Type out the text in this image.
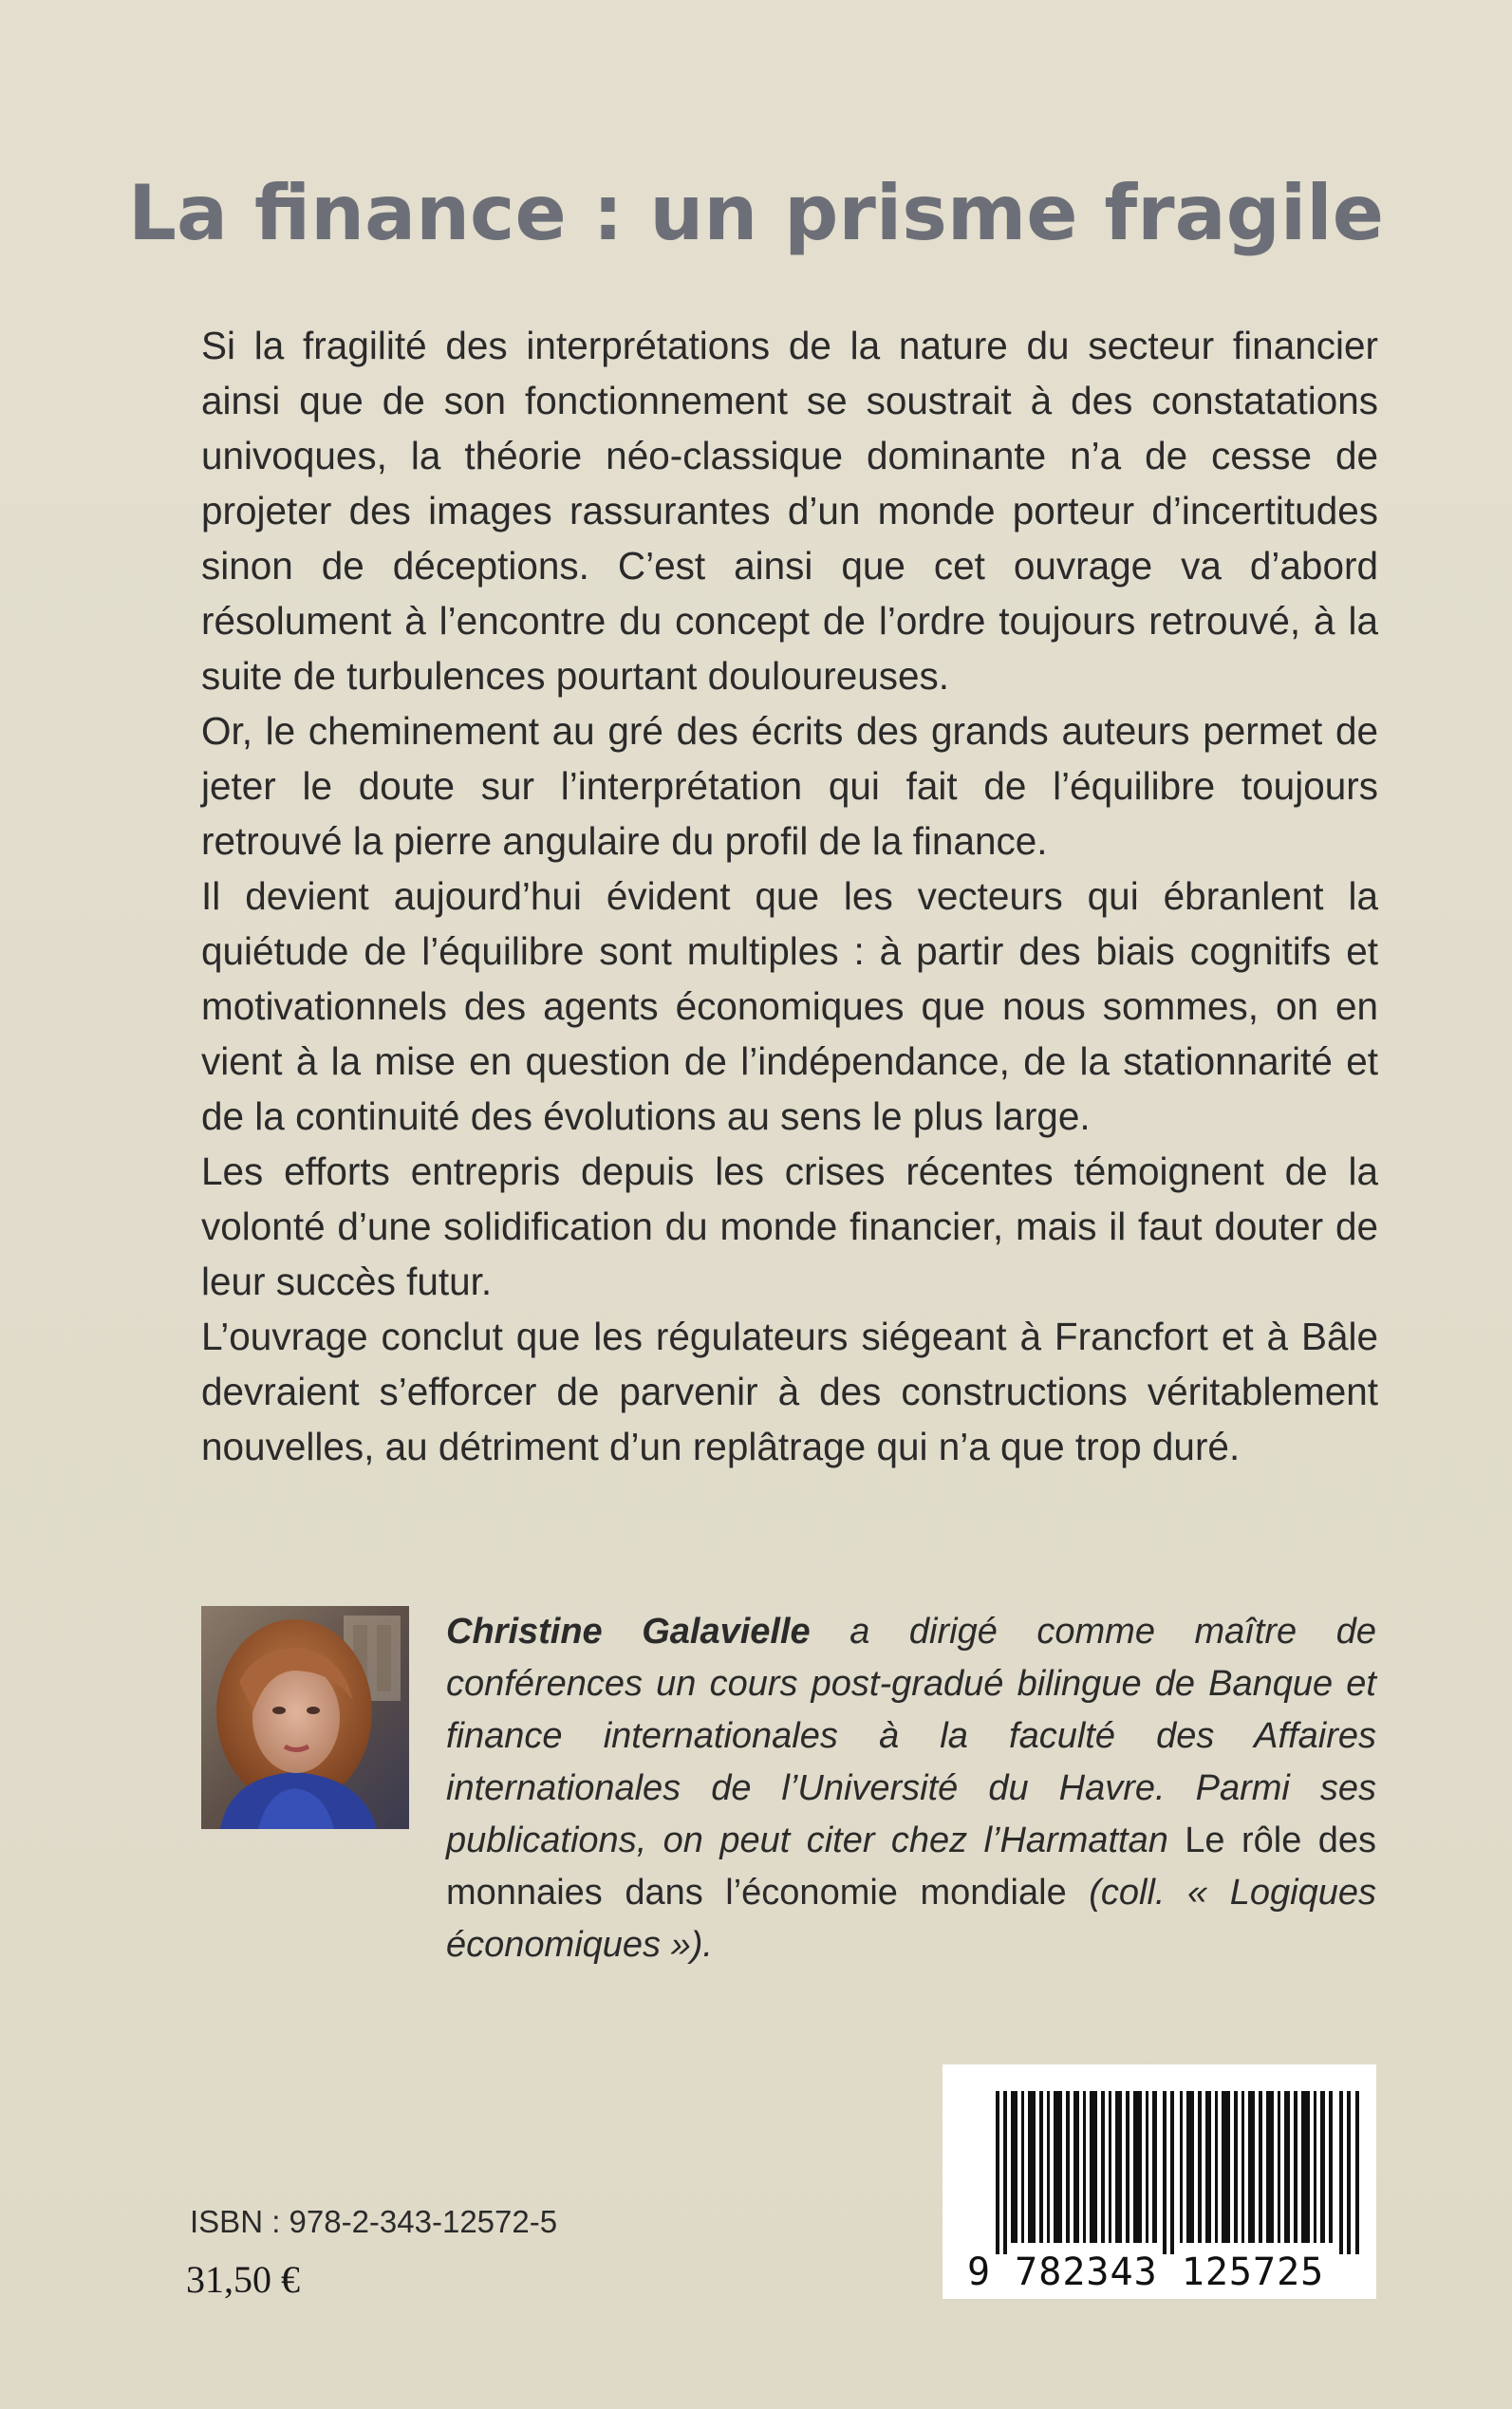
La finance : un prisme fragile

Si la fragilité des interprétations de la nature du secteur financier ainsi que de son fonctionnement se soustrait à des constatations univoques, la théorie néo-classique dominante n’a de cesse de projeter des images rassurantes d’un monde porteur d’incertitudes sinon de déceptions. C’est ainsi que cet ouvrage va d’abord résolument à l’encontre du concept de l’ordre toujours retrouvé, à la suite de turbulences pourtant douloureuses.

Or, le cheminement au gré des écrits des grands auteurs permet de jeter le doute sur l’interprétation qui fait de l’équilibre toujours retrouvé la pierre angulaire du profil de la finance.

Il devient aujourd’hui évident que les vecteurs qui ébranlent la quiétude de l’équilibre sont multiples : à partir des biais cognitifs et motivationnels des agents économiques que nous sommes, on en vient à la mise en question de l’indépendance, de la stationnarité et de la continuité des évolutions au sens le plus large.

Les efforts entrepris depuis les crises récentes témoignent de la volonté d’une solidification du monde financier, mais il faut douter de leur succès futur.

L’ouvrage conclut que les régulateurs siégeant à Francfort et à Bâle devraient s’efforcer de parvenir à des constructions véritablement nouvelles, au détriment d’un replâtrage qui n’a que trop duré.

Christine Galavielle a dirigé comme maître de conférences un cours post-gradué bilingue de Banque et finance internationales à la faculté des Affaires internationales de l’Université du Havre. Parmi ses publications, on peut citer chez l’Harmattan Le rôle des monnaies dans l’économie mondiale (coll. « Logiques économiques »).

ISBN : 978-2-343-12572-5

31,50 €	9 782343 125725
